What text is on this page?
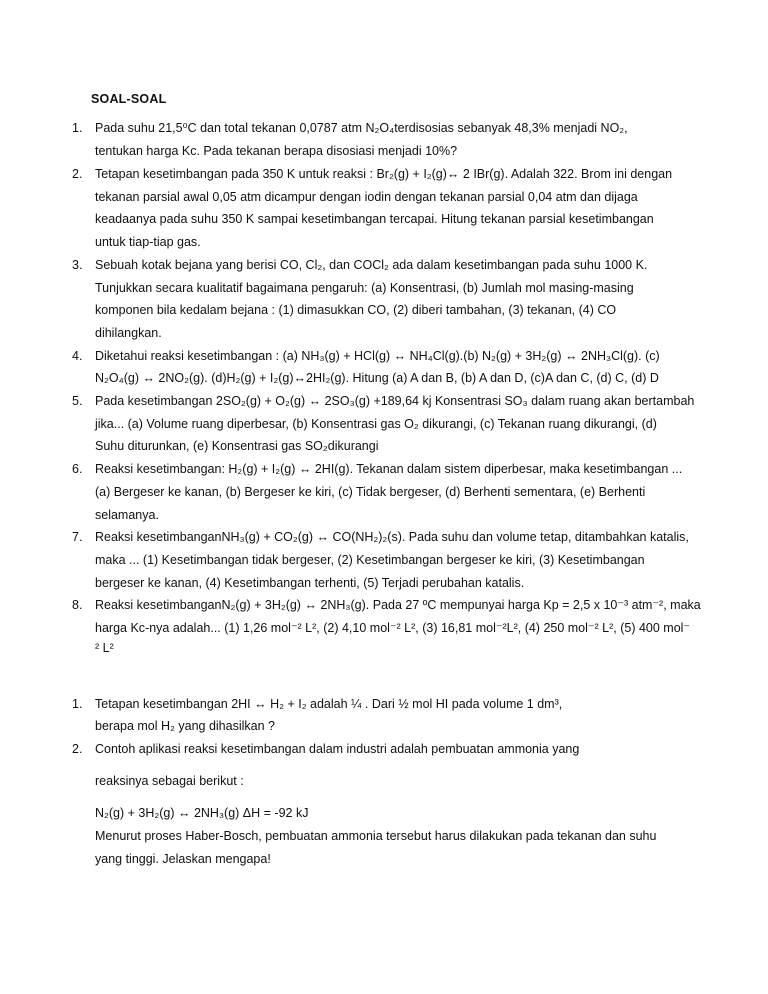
SOAL-SOAL
1. Pada suhu 21,5⁰C dan total tekanan 0,0787 atm N₂O₄terdisosias sebanyak 48,3% menjadi NO₂,
tentukan harga Kᴄ. Pada tekanan berapa disosiasi menjadi 10%?
2. Tetapan kesetimbangan pada 350 K untuk reaksi : Br₂(g) + I₂(g)↔ 2 IBr(g). Adalah 322. Brom ini dengan
tekanan parsial awal 0,05 atm dicampur dengan iodin dengan tekanan parsial 0,04 atm dan dijaga
keadaanya pada suhu 350 K sampai kesetimbangan tercapai. Hitung tekanan parsial kesetimbangan
untuk tiap-tiap gas.
3. Sebuah kotak bejana yang berisi CO, Cl₂, dan COCl₂ ada dalam kesetimbangan pada suhu 1000 K.
Tunjukkan secara kualitatif bagaimana pengaruh: (a) Konsentrasi, (b) Jumlah mol masing-masing
komponen bila kedalam bejana : (1) dimasukkan CO, (2) diberi tambahan, (3) tekanan, (4) CO
dihilangkan.
4. Diketahui reaksi kesetimbangan : (a) NH₃(g) + HCl(g) ↔ NH₄Cl(g).(b) N₂(g) + 3H₂(g) ↔ 2NH₃Cl(g). (c)
N₂O₄(g) ↔ 2NO₂(g). (d)H₂(g) + I₂(g)↔2HI₂(g). Hitung (a) A dan B, (b) A dan D, (c)A dan C, (d) C, (d) D
5. Pada kesetimbangan 2SO₂(g) + O₂(g) ↔ 2SO₃(g) +189,64 kj Konsentrasi SO₃ dalam ruang akan bertambah
jika... (a) Volume ruang diperbesar, (b) Konsentrasi gas O₂ dikurangi, (c) Tekanan ruang dikurangi, (d)
Suhu diturunkan, (e) Konsentrasi gas SO₂dikurangi
6. Reaksi kesetimbangan: H₂(g) + I₂(g) ↔ 2HI(g). Tekanan dalam sistem diperbesar, maka kesetimbangan ...
(a) Bergeser ke kanan, (b) Bergeser ke kiri, (c) Tidak bergeser, (d) Berhenti sementara, (e) Berhenti
selamanya.
7. Reaksi kesetimbanganNH₃(g) + CO₂(g) ↔ CO(NH₂)₂(s). Pada suhu dan volume tetap, ditambahkan katalis,
maka ... (1) Kesetimbangan tidak bergeser, (2) Kesetimbangan bergeser ke kiri, (3) Kesetimbangan
bergeser ke kanan, (4) Kesetimbangan terhenti, (5) Terjadi perubahan katalis.
8. Reaksi kesetimbanganN₂(g) + 3H₂(g) ↔ 2NH₃(g). Pada 27 ºC mempunyai harga Kp = 2,5 x 10⁻³ atm⁻², maka
harga Kc-nya adalah... (1) 1,26 mol⁻² L², (2) 4,10 mol⁻² L², (3) 16,81 mol⁻²L², (4) 250 mol⁻² L², (5) 400 mol⁻
² L²
1. Tetapan kesetimbangan 2HI ↔ H₂ + I₂ adalah ¼ . Dari ½ mol HI pada volume 1 dm³,
berapa mol H₂ yang dihasilkan ?
2. Contoh aplikasi reaksi kesetimbangan dalam industri adalah pembuatan ammonia yang
reaksinya sebagai berikut :
N₂(g) + 3H₂(g) ↔ 2NH₃(g) ΔH = -92 kJ
Menurut proses Haber-Bosch, pembuatan ammonia tersebut harus dilakukan pada tekanan dan suhu
yang tinggi. Jelaskan mengapa!
